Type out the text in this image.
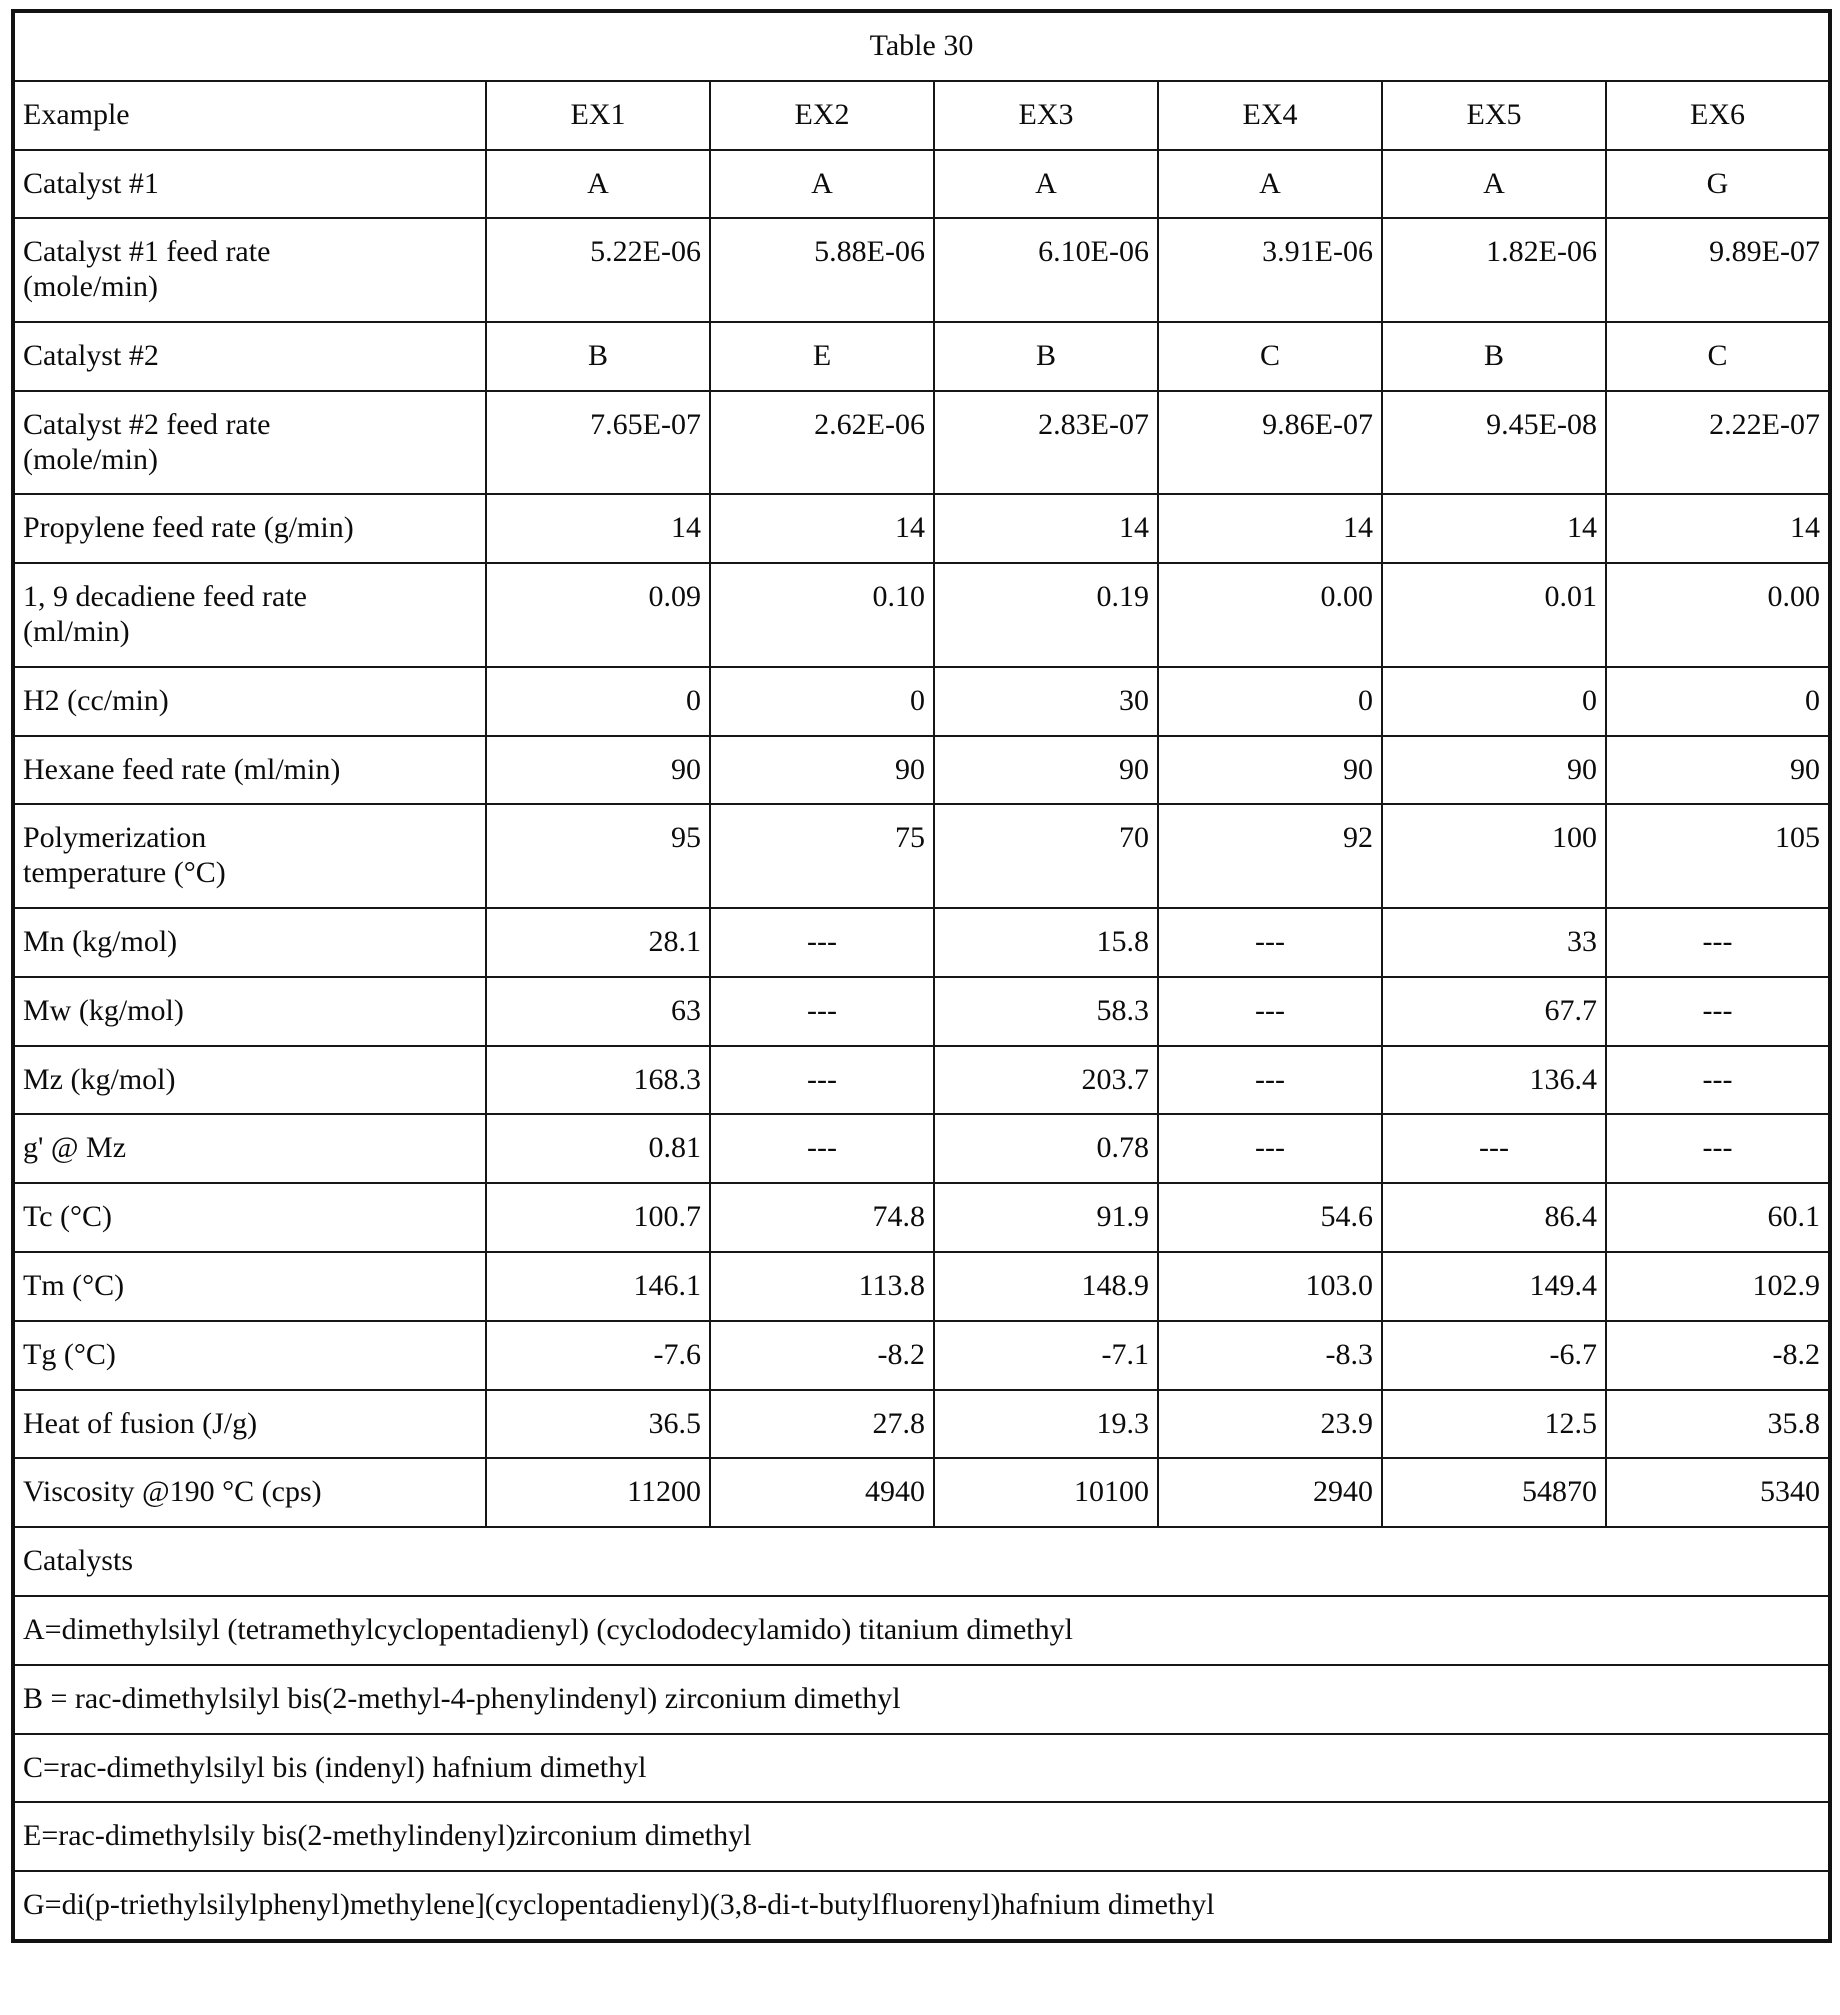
Table 30						
Example	EX1	EX2	EX3	EX4	EX5	EX6
Catalyst #1	A	A	A	A	A	G
Catalyst #1 feed rate
(mole/min)	5.22E-06	5.88E-06	6.10E-06	3.91E-06	1.82E-06	9.89E-07
Catalyst #2	B	E	B	C	B	C
Catalyst #2 feed rate
(mole/min)	7.65E-07	2.62E-06	2.83E-07	9.86E-07	9.45E-08	2.22E-07
Propylene feed rate (g/min)	14	14	14	14	14	14
1, 9 decadiene feed rate
(ml/min)	0.09	0.10	0.19	0.00	0.01	0.00
H2 (cc/min)	0	0	30	0	0	0
Hexane feed rate (ml/min)	90	90	90	90	90	90
Polymerization
temperature (°C)	95	75	70	92	100	105
Mn (kg/mol)	28.1	---	15.8	---	33	---
Mw (kg/mol)	63	---	58.3	---	67.7	---
Mz (kg/mol)	168.3	---	203.7	---	136.4	---
g' @ Mz	0.81	---	0.78	---	---	---
Tc (°C)	100.7	74.8	91.9	54.6	86.4	60.1
Tm (°C)	146.1	113.8	148.9	103.0	149.4	102.9
Tg (°C)	-7.6	-8.2	-7.1	-8.3	-6.7	-8.2
Heat of fusion (J/g)	36.5	27.8	19.3	23.9	12.5	35.8
Viscosity @190 °C (cps)	11200	4940	10100	2940	54870	5340
Catalysts						
A=dimethylsilyl (tetramethylcyclopentadienyl) (cyclododecylamido) titanium dimethyl						
B = rac-dimethylsilyl bis(2-methyl-4-phenylindenyl) zirconium dimethyl						
C=rac-dimethylsilyl bis (indenyl) hafnium dimethyl						
E=rac-dimethylsily bis(2-methylindenyl)zirconium dimethyl						
G=di(p-triethylsilylphenyl)methylene](cyclopentadienyl)(3,8-di-t-butylfluorenyl)hafnium dimethyl						
